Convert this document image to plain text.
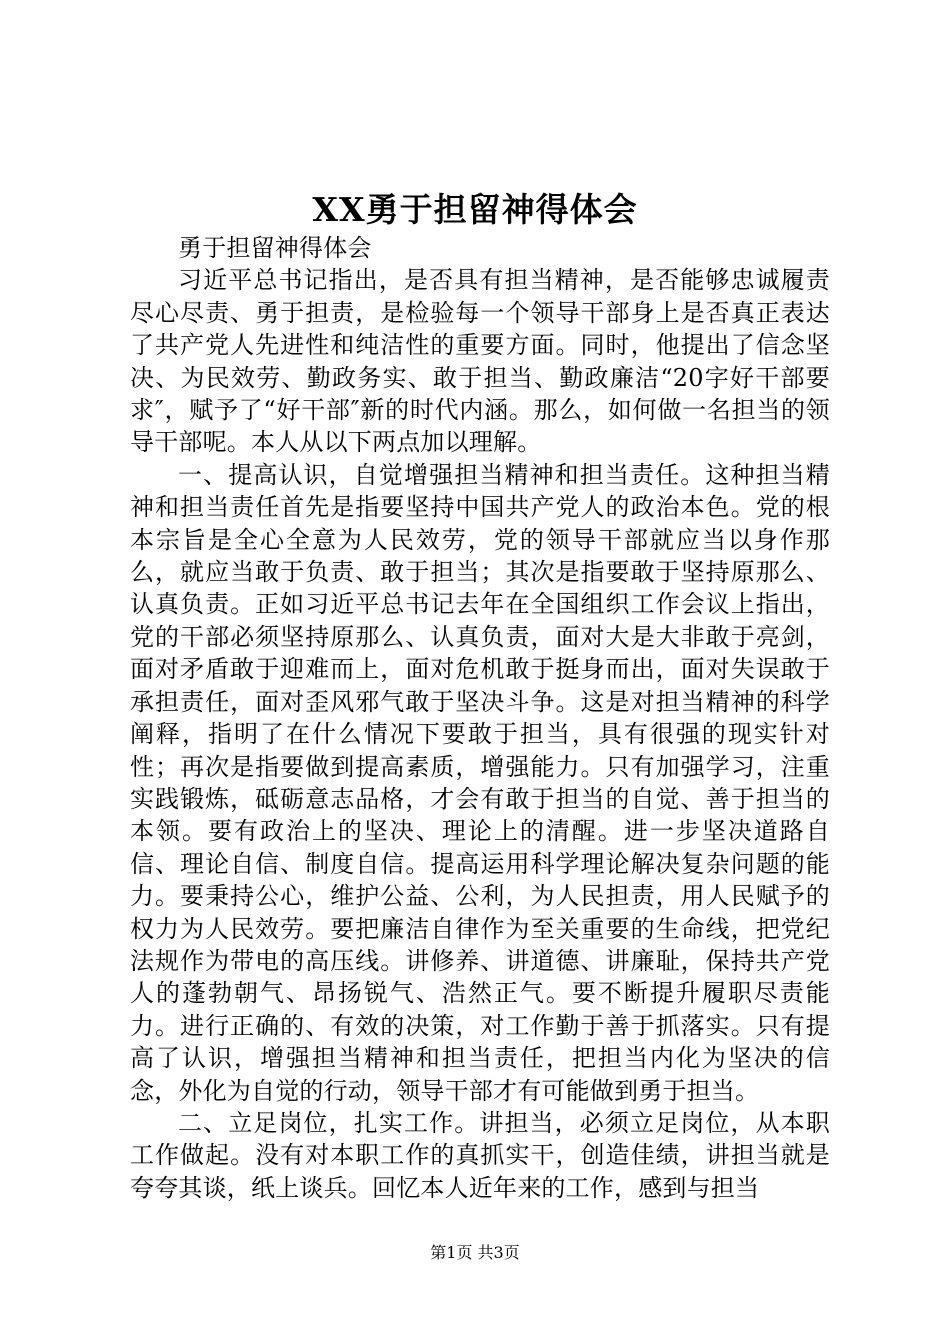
XX勇于担留神得体会

勇于担留神得体会

习近平总书记指出，是否具有担当精神，是否能够忠诚履责尽心尽责、勇于担责，是检验每一个领导干部身上是否真正表达了共产党人先进性和纯洁性的重要方面。同时，他提出了信念坚决、为民效劳、勤政务实、敢于担当、勤政廉洁“20字好干部要求″，赋予了“好干部″新的时代内涵。那么，如何做一名担当的领导干部呢。本人从以下两点加以理解。

一、提高认识，自觉增强担当精神和担当责任。这种担当精神和担当责任首先是指要坚持中国共产党人的政治本色。党的根本宗旨是全心全意为人民效劳，党的领导干部就应当以身作那么，就应当敢于负责、敢于担当；其次是指要敢于坚持原那么、认真负责。正如习近平总书记去年在全国组织工作会议上指出，党的干部必须坚持原那么、认真负责，面对大是大非敢于亮剑，面对矛盾敢于迎难而上，面对危机敢于挺身而出，面对失误敢于承担责任，面对歪风邪气敢于坚决斗争。这是对担当精神的科学阐释，指明了在什么情况下要敢于担当，具有很强的现实针对性；再次是指要做到提高素质，增强能力。只有加强学习，注重实践锻炼，砥砺意志品格，才会有敢于担当的自觉、善于担当的本领。要有政治上的坚决、理论上的清醒。进一步坚决道路自信、理论自信、制度自信。提高运用科学理论解决复杂问题的能力。要秉持公心，维护公益、公利，为人民担责，用人民赋予的权力为人民效劳。要把廉洁自律作为至关重要的生命线，把党纪法规作为带电的高压线。讲修养、讲道德、讲廉耻，保持共产党人的蓬勃朝气、昂扬锐气、浩然正气。要不断提升履职尽责能力。进行正确的、有效的决策，对工作勤于善于抓落实。只有提高了认识，增强担当精神和担当责任，把担当内化为坚决的信念，外化为自觉的行动，领导干部才有可能做到勇于担当。

二、立足岗位，扎实工作。讲担当，必须立足岗位，从本职工作做起。没有对本职工作的真抓实干，创造佳绩，讲担当就是夸夸其谈，纸上谈兵。回忆本人近年来的工作，感到与担当

第1页 共3页
